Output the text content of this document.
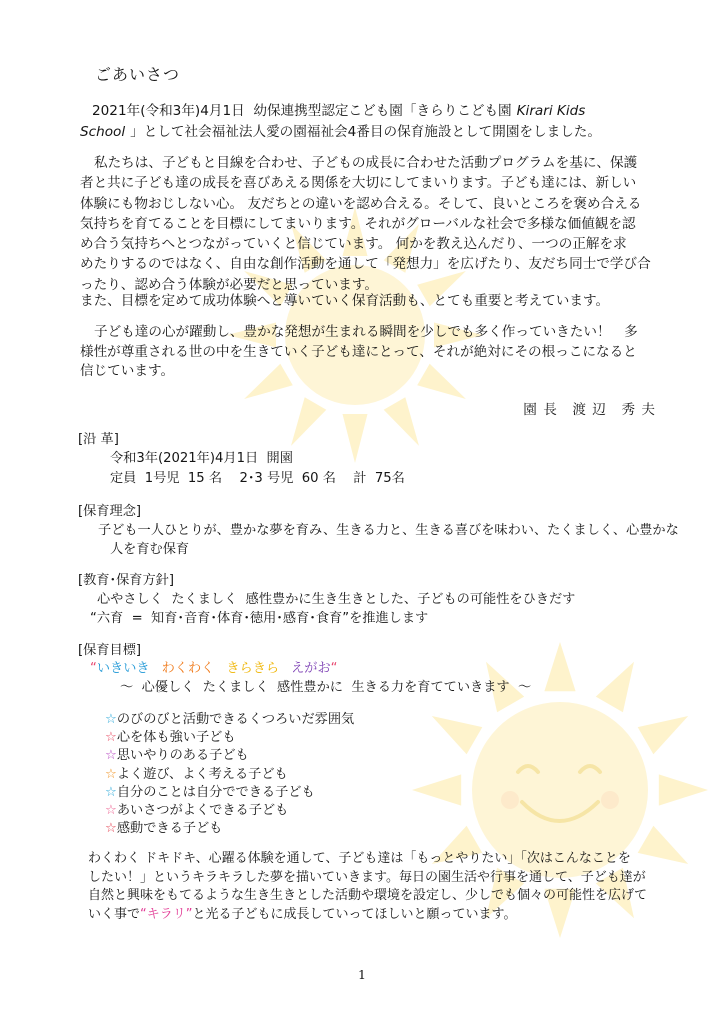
ごあいさつ
2021年(令和3年)4月1日  幼保連携型認定こども園「きらりこども園 Kirari Kids
School 」として社会福祉法人愛の園福祉会4番目の保育施設として開園をしました。
私たちは、子どもと目線を合わせ、子どもの成長に合わせた活動プログラムを基に、保護
者と共に子ども達の成長を喜びあえる関係を大切にしてまいります。子ども達には、新しい
体験にも物おじしない心。 友だちとの違いを認め合える。そして、良いところを褒め合える
気持ちを育てることを目標にしてまいります。それがグローバルな社会で多様な価値観を認
め合う気持ちへとつながっていくと信じています。 何かを教え込んだり、一つの正解を求
めたりするのではなく、自由な創作活動を通して「発想力」を広げたり、友だち同士で学び合
ったり、認め合う体験が必要だと思っています。
また、目標を定めて成功体験へと導いていく保育活動も、とても重要と考えています。
子ども達の心が躍動し、豊かな発想が生まれる瞬間を少しでも多く作っていきたい！　多
様性が尊重される世の中を生きていく子ども達にとって、それが絶対にその根っこになると
信じています。
園 長　渡 辺　秀 夫
[沿 革]
令和3年(2021年)4月1日  開園
定員  1号児  15 名　 2･3 号児  60 名　 計  75名
[保育理念]
子ども一人ひとりが、豊かな夢を育み、生きる力と、生きる喜びを味わい、たくましく、心豊かな
人を育む保育
[教育･保育方針]
心やさしく  たくましく  感性豊かに生き生きとした、子どもの可能性をひきだす
“六育  =  知育･音育･体育･徳用･感育･食育”を推進します
[保育目標]
“いきいき わくわく きらきら えがお“
～  心優しく  たくましく  感性豊かに  生きる力を育てていきます  ～
☆のびのびと活動できるくつろいだ雰囲気
☆心を体も強い子ども
☆思いやりのある子ども
☆よく遊び、よく考える子ども
☆自分のことは自分でできる子ども
☆あいさつがよくできる子ども
☆感動できる子ども
わくわく ドキドキ、心躍る体験を通して、子ども達は「もっとやりたい」「次はこんなことを
したい！」というキラキラした夢を描いていきます。毎日の園生活や行事を通して、子ども達が
自然と興味をもてるような生き生きとした活動や環境を設定し、少しでも個々の可能性を広げて
いく事で“キラリ”と光る子どもに成長していってほしいと願っています。
1
